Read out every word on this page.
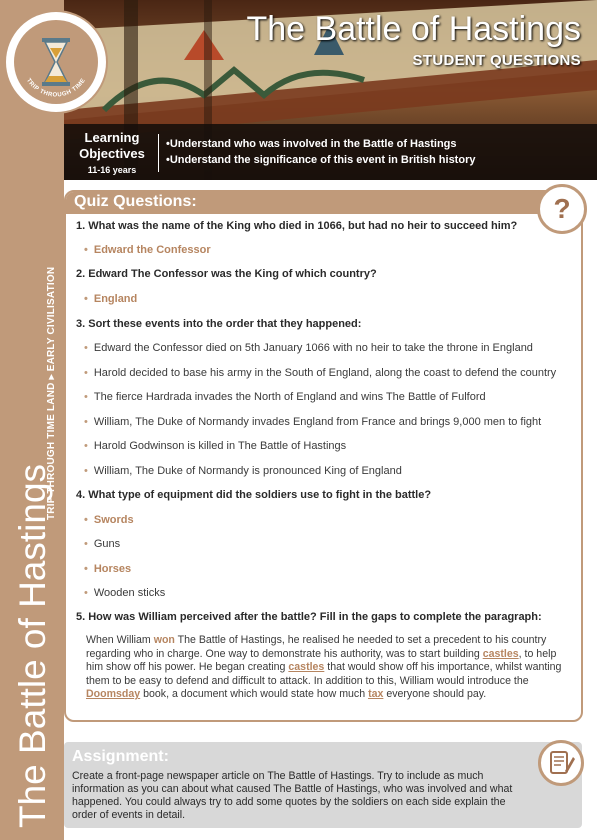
TRIP THROUGH TIME LAND ▸ EARLY CIVILISATION
The Battle of Hastings
The Battle of Hastings
STUDENT QUESTIONS
TRIP THROUGH TIME
Learning
Objectives
11-16 years
• Understand who was involved in the Battle of Hastings
• Understand the significance of this event in British history
Quiz Questions:
1. What was the name of the King who died in 1066, but had no heir to succeed him?
• Edward the Confessor
2. Edward The Confessor was the King of which country?
• England
3. Sort these events into the order that they happened:
• Edward the Confessor died on 5th January 1066 with no heir to take the throne in England
• Harold decided to base his army in the South of England, along the coast to defend the country
• The fierce Hardrada invades the North of England and wins The Battle of Fulford
• William, The Duke of Normandy invades England from France and brings 9,000 men to fight
• Harold Godwinson is killed in The Battle of Hastings
• William, The Duke of Normandy is pronounced King of England
4. What type of equipment did the soldiers use to fight in the battle?
• Swords
• Guns
• Horses
• Wooden sticks
5. How was William perceived after the battle? Fill in the gaps to complete the paragraph:
When William won The Battle of Hastings, he realised he needed to set a precedent to his country regarding who in charge. One way to demonstrate his authority, was to start building castles, to help him show off his power. He began creating castles that would show off his importance, whilst wanting them to be easy to defend and difficult to attack. In addition to this, William would introduce the Doomsday book, a document which would state how much tax everyone should pay.
?
Assignment:
Create a front-page newspaper article on The Battle of Hastings. Try to include as much information as you can about what caused The Battle of Hastings, who was involved and what happened. You could always try to add some quotes by the soldiers on each side explain the order of events in detail.
